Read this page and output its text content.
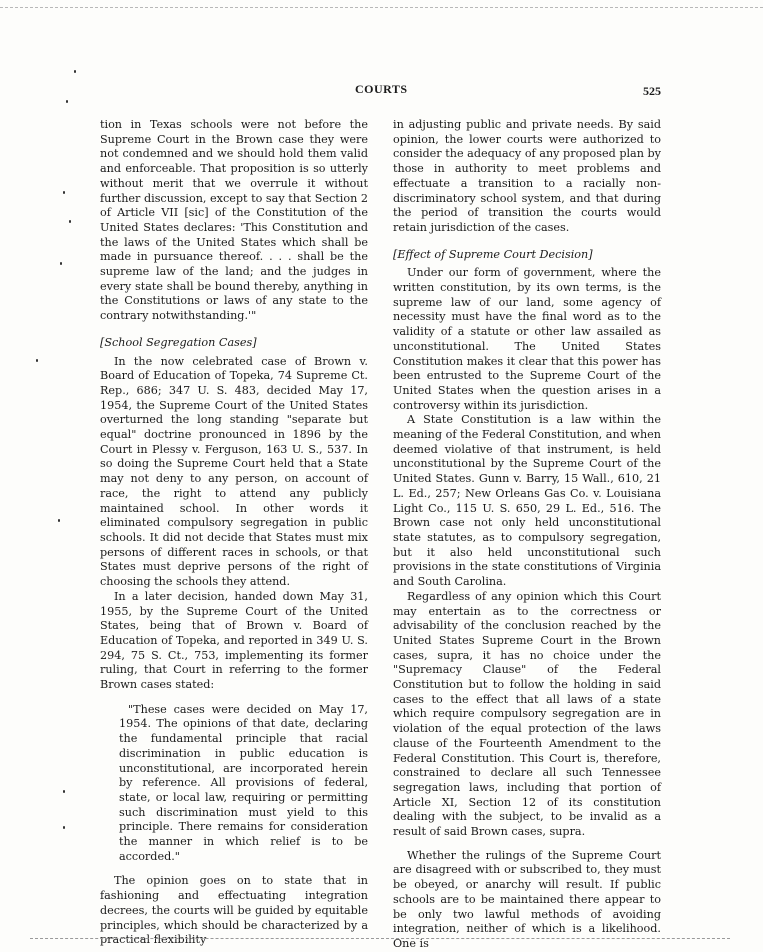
COURTS	525

tion in Texas schools were not before the Supreme Court in the Brown case they were not condemned and we should hold them valid and enforceable. That proposition is so utterly without merit that we overrule it without further discussion, except to say that Section 2 of Article VII [sic] of the Constitution of the United States declares: 'This Constitution and the laws of the United States which shall be made in pursuance thereof. . . . shall be the supreme law of the land; and the judges in every state shall be bound thereby, anything in the Constitutions or laws of any state to the contrary notwithstanding.'"

[School Segregation Cases]

In the now celebrated case of Brown v. Board of Education of Topeka, 74 Supreme Ct. Rep., 686; 347 U. S. 483, decided May 17, 1954, the Supreme Court of the United States overturned the long standing "separate but equal" doctrine pronounced in 1896 by the Court in Plessy v. Ferguson, 163 U. S., 537. In so doing the Supreme Court held that a State may not deny to any person, on account of race, the right to attend any publicly maintained school. In other words it eliminated compulsory segregation in public schools. It did not decide that States must mix persons of different races in schools, or that States must deprive persons of the right of choosing the schools they attend.

In a later decision, handed down May 31, 1955, by the Supreme Court of the United States, being that of Brown v. Board of Education of Topeka, and reported in 349 U. S. 294, 75 S. Ct., 753, implementing its former ruling, that Court in referring to the former Brown cases stated:

"These cases were decided on May 17, 1954. The opinions of that date, declaring the fundamental principle that racial discrimination in public education is unconstitutional, are incorporated herein by reference. All provisions of federal, state, or local law, requiring or permitting such discrimination must yield to this principle. There remains for consideration the manner in which relief is to be accorded."

The opinion goes on to state that in fashioning and effectuating integration decrees, the courts will be guided by equitable principles, which should be characterized by a practical flexibility

in adjusting public and private needs. By said opinion, the lower courts were authorized to consider the adequacy of any proposed plan by those in authority to meet problems and effectuate a transition to a racially non-discriminatory school system, and that during the period of transition the courts would retain jurisdiction of the cases.

[Effect of Supreme Court Decision]

Under our form of government, where the written constitution, by its own terms, is the supreme law of our land, some agency of necessity must have the final word as to the validity of a statute or other law assailed as unconstitutional. The United States Constitution makes it clear that this power has been entrusted to the Supreme Court of the United States when the question arises in a controversy within its jurisdiction.

A State Constitution is a law within the meaning of the Federal Constitution, and when deemed violative of that instrument, is held unconstitutional by the Supreme Court of the United States. Gunn v. Barry, 15 Wall., 610, 21 L. Ed., 257; New Orleans Gas Co. v. Louisiana Light Co., 115 U. S. 650, 29 L. Ed., 516. The Brown case not only held unconstitutional state statutes, as to compulsory segregation, but it also held unconstitutional such provisions in the state constitutions of Virginia and South Carolina.

Regardless of any opinion which this Court may entertain as to the correctness or advisability of the conclusion reached by the United States Supreme Court in the Brown cases, supra, it has no choice under the "Supremacy Clause" of the Federal Constitution but to follow the holding in said cases to the effect that all laws of a state which require compulsory segregation are in violation of the equal protection of the laws clause of the Fourteenth Amendment to the Federal Constitution. This Court is, therefore, constrained to declare all such Tennessee segregation laws, including that portion of Article XI, Section 12 of its constitution dealing with the subject, to be invalid as a result of said Brown cases, supra.

Whether the rulings of the Supreme Court are disagreed with or subscribed to, they must be obeyed, or anarchy will result. If public schools are to be maintained there appear to be only two lawful methods of avoiding integration, neither of which is a likelihood. One is
